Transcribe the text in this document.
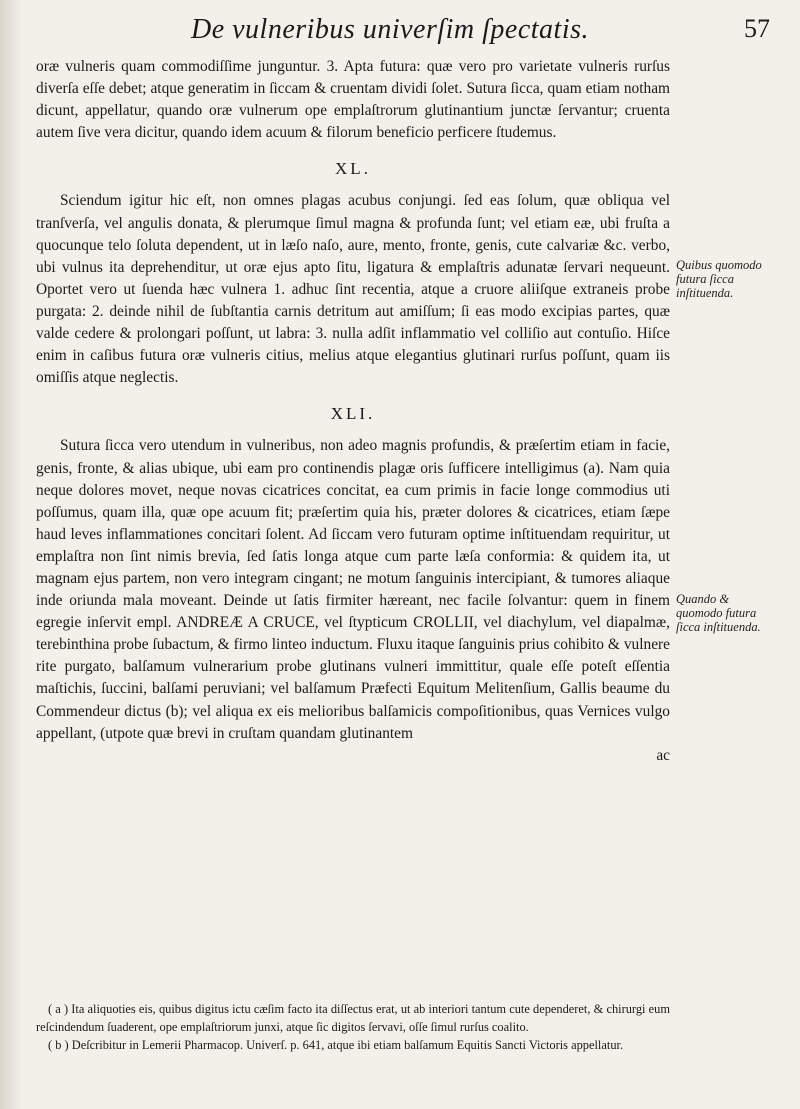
De vulneribus univerſim ſpectatis.	57

oræ vulneris quam commodiſſime junguntur. 3. Apta futura: quæ vero pro varietate vulneris rurſus diverſa eſſe debet; atque generatim in ſiccam & cruentam dividi ſolet. Sutura ſicca, quam etiam notham dicunt, appellatur, quando oræ vulnerum ope emplaſtrorum glutinantium junctæ ſervantur; cruenta autem ſive vera dicitur, quando idem acuum & filorum beneficio perficere ſtudemus.

XL.

Sciendum igitur hic eſt, non omnes plagas acubus conjungi. ſed eas ſolum, quæ obliqua vel tranſverſa, vel angulis donata, & plerumque ſimul magna & profunda ſunt; vel etiam eæ, ubi fruſta a quocunque telo ſoluta dependent, ut in læſo naſo, aure, mento, fronte, genis, cute calvariæ &c. verbo, ubi vulnus ita deprehenditur, ut oræ ejus apto ſitu, ligatura & emplaſtris adunatæ ſervari nequeunt. Oportet vero ut ſuenda hæc vulnera 1. adhuc ſint recentia, atque a cruore aliiſque extraneis probe purgata: 2. deinde nihil de ſubſtantia carnis detritum aut amiſſum; ſi eas modo excipias partes, quæ valde cedere & prolongari poſſunt, ut labra: 3. nulla adſit inflammatio vel colliſio aut contuſio. Hiſce enim in caſibus futura oræ vulneris citius, melius atque elegantius glutinari rurſus poſſunt, quam iis omiſſis atque neglectis.

XLI.

Sutura ſicca vero utendum in vulneribus, non adeo magnis profundis, & præſertim etiam in facie, genis, fronte, & alias ubique, ubi eam pro continendis plagæ oris ſufficere intelligimus (a). Nam quia neque dolores movet, neque novas cicatrices concitat, ea cum primis in facie longe commodius uti poſſumus, quam illa, quæ ope acuum fit; præſertim quia his, præter dolores & cicatrices, etiam ſæpe haud leves inflammationes concitari ſolent. Ad ſiccam vero futuram optime inſtituendam requiritur, ut emplaſtra non ſint nimis brevia, ſed ſatis longa atque cum parte læſa conformia: & quidem ita, ut magnam ejus partem, non vero integram cingant; ne motum ſanguinis intercipiant, & tumores aliaque inde oriunda mala moveant. Deinde ut ſatis firmiter hæreant, nec facile ſolvantur: quem in finem egregie inſervit empl. ANDREÆ A CRUCE, vel ſtypticum CROLLII, vel diachylum, vel diapalmæ, terebinthina probe ſubactum, & firmo linteo inductum. Fluxu itaque ſanguinis prius cohibito & vulnere rite purgato, balſamum vulnerarium probe glutinans vulneri immittitur, quale eſſe poteſt eſſentia maſtichis, ſuccini, balſami peruviani; vel balſamum Præfecti Equitum Melitenſium, Gallis beaume du Commendeur dictus (b); vel aliqua ex eis melioribus balſamicis compoſitionibus, quas Vernices vulgo appellant, (utpote quæ brevi in cruſtam quandam glutinantem

ac

Quibus quomodo futura ſicca inſtituenda.
Quando & quomodo futura ſicca inſtituenda.

( a ) Ita aliquoties eis, quibus digitus ictu cæſim facto ita diſſectus erat, ut ab interiori tantum cute dependeret, & chirurgi eum reſcindendum ſuaderent, ope emplaſtriorum junxi, atque ſic digitos ſervavi, oſſe ſimul rurſus coalito.

( b ) Deſcribitur in Lemerii Pharmacop. Univerſ. p. 641, atque ibi etiam balſamum Equitis Sancti Victoris appellatur.
